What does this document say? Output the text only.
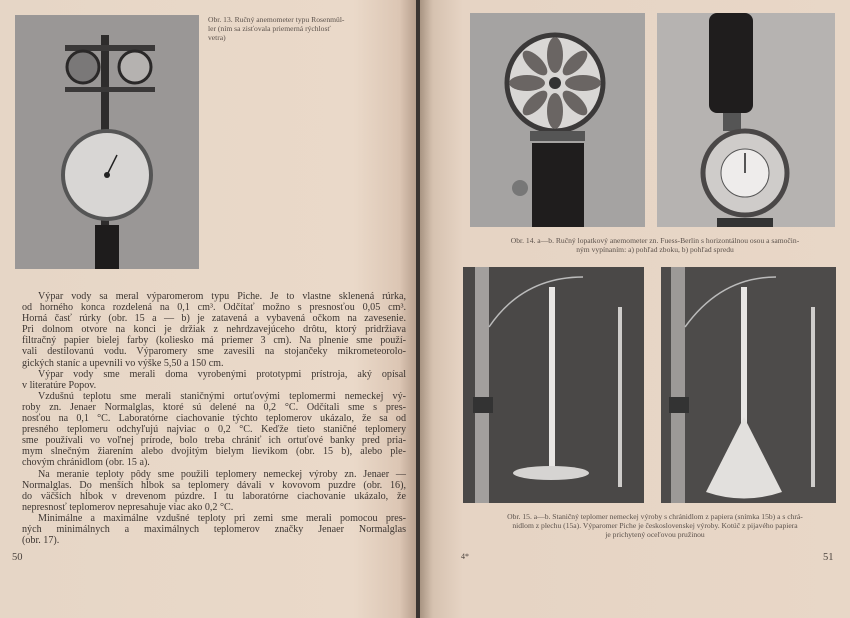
Obr. 13. Ručný anemometer typu Rosenmül-
ler (ním sa zisťovala priemerná rýchlosť
vetra)
Výpar vody sa meral výparomerom typu Piche. Je to vlastne sklenená rúrka,
od horného konca rozdelená na 0,1 cm³. Odčítať možno s presnosťou 0,05 cm³.
Horná časť rúrky (obr. 15 a — b) je zatavená a vybavená očkom na zavesenie.
Pri dolnom otvore na konci je držiak z nehrdzavejúceho drôtu, ktorý pridržiava
filtračný papier bielej farby (koliesko má priemer 3 cm). Na plnenie sme použí-
vali destilovanú vodu. Výparomery sme zavesili na stojančeky mikrometeorolo-
gických staníc a upevnili vo výške 5,50 a 150 cm.
Výpar vody sme merali doma vyrobenými prototypmi prístroja, aký opísal
v literatúre Popov.
Vzdušnú teplotu sme merali staničnými ortuťovými teplomermi nemeckej vý-
roby zn. Jenaer Normalglas, ktoré sú delené na 0,2 °C. Odčítali sme s pres-
nosťou na 0,1 °C. Laboratórne ciachovanie týchto teplomerov ukázalo, že sa od
presného teplomeru odchyľujú najviac o 0,2 °C. Keďže tieto staničné teplomery
sme používali vo voľnej prírode, bolo treba chrániť ich ortuťové banky pred pria-
mym slnečným žiarením alebo dvojitým bielym lievikom (obr. 15 b), alebo ple-
chovým chránidlom (obr. 15 a).
Na meranie teploty pôdy sme použili teplomery nemeckej výroby zn. Jenaer —
Normalglas. Do menších hĺbok sa teplomery dávali v kovovom puzdre (obr. 16),
do väčších hĺbok v drevenom púzdre. I tu laboratórne ciachovanie ukázalo, že
nepresnosť teplomerov nepresahuje viac ako 0,2 °C.
Minimálne a maximálne vzdušné teploty pri zemi sme merali pomocou pres-
ných minimálnych a maximálnych teplomerov značky Jenaer Normalglas
(obr. 17).
50
Obr. 14. a—b. Ručný lopatkový anemometer zn. Fuess-Berlin s horizontálnou osou a samočin-
ným vypínaním: a) pohľad zboku, b) pohľad spredu
Obr. 15. a—b. Staničný teplomer nemeckej výroby s chránidlom z papiera (snímka 15b) a s chrá-
nidlom z plechu (15a). Výparomer Piche je československej výroby. Kotúč z pijavého papiera
je prichytený oceľovou pružinou
4*	51
